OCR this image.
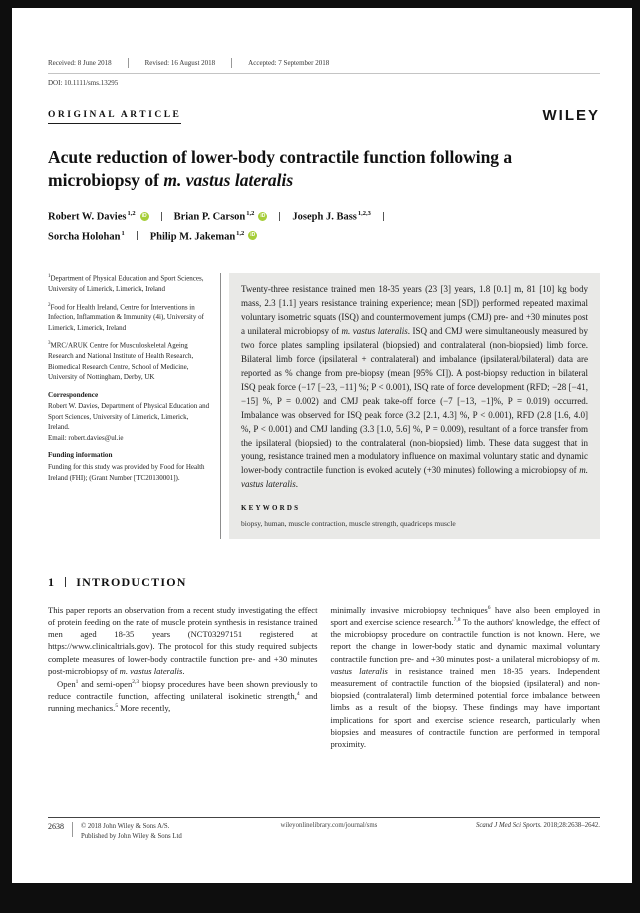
Received: 8 June 2018	Revised: 16 August 2018	Accepted: 7 September 2018
DOI: 10.1111/sms.13295
ORIGINAL ARTICLE	WILEY
Acute reduction of lower-body contractile function following a microbiopsy of m. vastus lateralis
Robert W. Davies$^{1,2}$	iD	Brian P. Carson$^{1,2}$	iD	Joseph J. Bass$^{1,2,3}$
Sorcha Holohan$^1$ Philip M. Jakeman$^{1,2}$	iD

$^1$Department of Physical Education and Sport Sciences, University of Limerick, Limerick, Ireland

$^2$Food for Health Ireland, Centre for Interventions in Infection, Inflammation & Immunity (4i), University of Limerick, Limerick, Ireland

$^3$MRC/ARUK Centre for Musculoskeletal Ageing Research and National Institute of Health Research, Biomedical Research Centre, School of Medicine, University of Nottingham, Derby, UK

Correspondence

Robert W. Davies, Department of Physical Education and Sport Sciences, University of Limerick, Limerick, Ireland.
Email: robert.davies@ul.ie

Funding information

Funding for this study was provided by Food for Health Ireland (FHI); (Grant Number [TC20130001]).

Twenty-three resistance trained men 18-35 years (23 [3] years, 1.8 [0.1] m, 81 [10] kg body mass, 2.3 [1.1] years resistance training experience; mean [SD]) performed repeated maximal voluntary isometric squats (ISQ) and countermovement jumps (CMJ) pre- and +30 minutes post a unilateral microbiopsy of m. vastus lateralis. ISQ and CMJ were simultaneously measured by two force plates sampling ipsilateral (biopsied) and contralateral (non-biopsied) limb force. Bilateral limb force (ipsilateral + contralateral) and imbalance (ipsilateral/bilateral) data are reported as % change from pre-biopsy (mean [95% CI]). A post-biopsy reduction in bilateral ISQ peak force (−17 [−23, −11] %; P < 0.001), ISQ rate of force development (RFD; −28 [−41, −15] %, P = 0.002) and CMJ peak take-off force (−7 [−13, −1]%, P = 0.019) occurred. Imbalance was observed for ISQ peak force (3.2 [2.1, 4.3] %, P < 0.001), RFD (2.8 [1.6, 4.0] %, P < 0.001) and CMJ landing (3.3 [1.0, 5.6] %, P = 0.009), resultant of a force transfer from the ipsilateral (biopsied) to the contralateral (non-biopsied) limb. These data suggest that in young, resistance trained men a modulatory influence on maximal voluntary static and dynamic lower-body contractile function is evoked acutely (+30 minutes) following a microbiopsy of m. vastus lateralis.
KEYWORDS
biopsy, human, muscle contraction, muscle strength, quadriceps muscle
1 INTRODUCTION

This paper reports an observation from a recent study investigating the effect of protein feeding on the rate of muscle protein synthesis in resistance trained men aged 18-35 years (NCT03297151 registered at https://www.clinicaltrials.gov). The protocol for this study required subjects complete measures of lower-body contractile function pre- and +30 minutes post-microbiopsy of m. vastus lateralis.

Open$^1$ and semi-open$^{2,3}$ biopsy procedures have been shown previously to reduce contractile function, affecting unilateral isokinetic strength,$^4$ and running mechanics.$^5$ More recently,

minimally invasive microbiopsy techniques$^6$ have also been employed in sport and exercise science research.$^{7,8}$ To the authors' knowledge, the effect of the microbiopsy procedure on contractile function is not known. Here, we report the change in lower-body static and dynamic maximal voluntary contractile function pre- and +30 minutes post- a unilateral microbiopsy of m. vastus lateralis in resistance trained men 18-35 years. Independent measurement of contractile function of the biopsied (ipsilateral) and non-biopsied (contralateral) limb determined potential force imbalance between limbs as a result of the biopsy. These findings may have important implications for sport and exercise science research, particularly when biopsies and measures of contractile function are performed in temporal proximity.

2638	© 2018 John Wiley & Sons A/S.
Published by John Wiley & Sons Ltd
wileyonlinelibrary.com/journal/sms	Scand J Med Sci Sports. 2018;28:2638–2642.
